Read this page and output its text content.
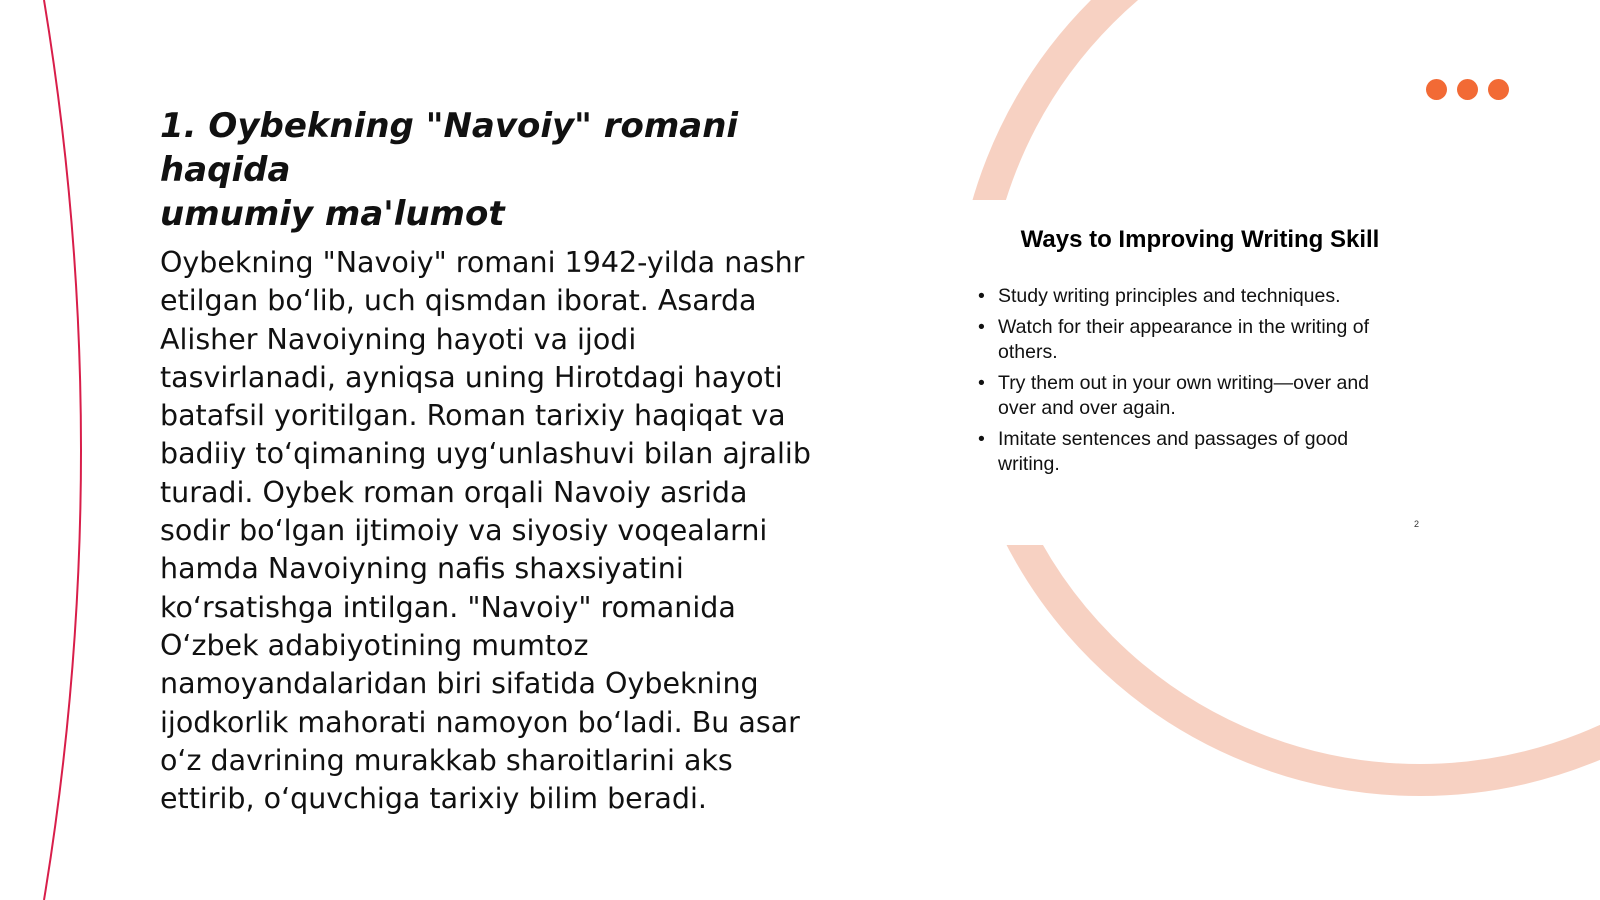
1. Oybekning "Navoiy" romani haqida
umumiy ma'lumot

Oybekning "Navoiy" romani 1942-yilda nashr
etilgan bo‘lib, uch qismdan iborat. Asarda
Alisher Navoiyning hayoti va ijodi
tasvirlanadi, ayniqsa uning Hirotdagi hayoti
batafsil yoritilgan. Roman tarixiy haqiqat va
badiiy to‘qimaning uyg‘unlashuvi bilan ajralib
turadi. Oybek roman orqali Navoiy asrida
sodir bo‘lgan ijtimoiy va siyosiy voqealarni
hamda Navoiyning nafis shaxsiyatini
ko‘rsatishga intilgan. "Navoiy" romanida
O‘zbek adabiyotining mumtoz
namoyandalaridan biri sifatida Oybekning
ijodkorlik mahorati namoyon bo‘ladi. Bu asar
o‘z davrining murakkab sharoitlarini aks
ettirib, o‘quvchiga tarixiy bilim beradi.

Ways to Improving Writing Skill
• Study writing principles and techniques.
• Watch for their appearance in the writing of others.
• Try them out in your own writing—over and over and over again.
• Imitate sentences and passages of good writing.
2
